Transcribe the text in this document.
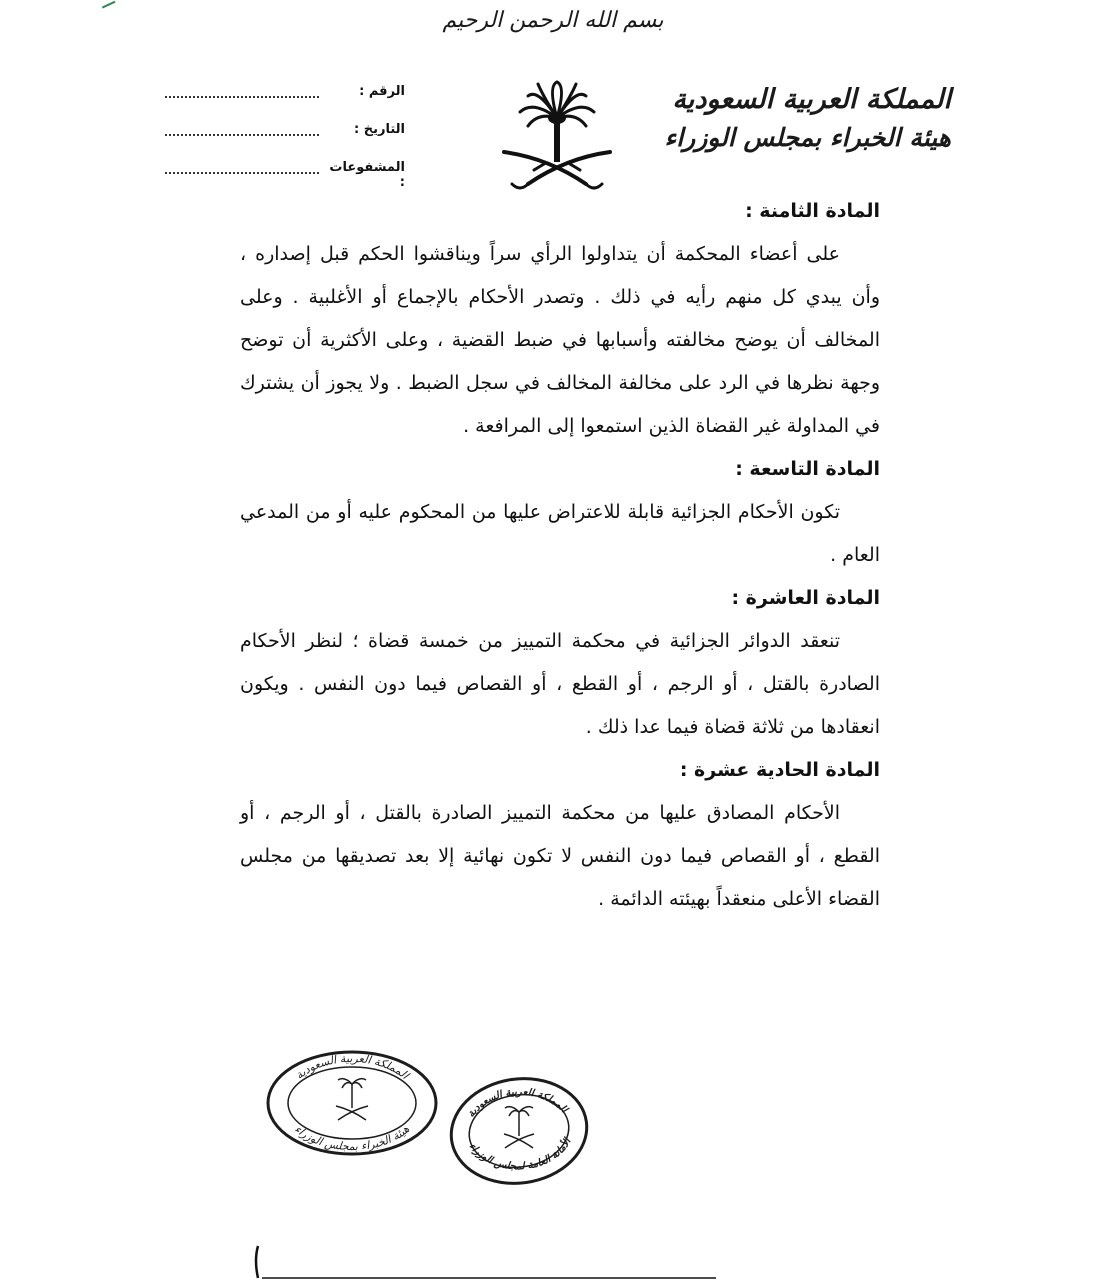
بسم الله الرحمن الرحيم
المملكة العربية السعودية
هيئة الخبراء بمجلس الوزراء
الرقم :
التاريخ :
المشفوعات :

المادة الثامنة :

على أعضاء المحكمة أن يتداولوا الرأي سراً ويناقشوا الحكم قبل إصداره ، وأن يبدي كل منهم رأيه في ذلك . وتصدر الأحكام بالإجماع أو الأغلبية . وعلى المخالف أن يوضح مخالفته وأسبابها في ضبط القضية ، وعلى الأكثرية أن توضح وجهة نظرها في الرد على مخالفة المخالف في سجل الضبط . ولا يجوز أن يشترك في المداولة غير القضاة الذين استمعوا إلى المرافعة .

المادة التاسعة :

تكون الأحكام الجزائية قابلة للاعتراض عليها من المحكوم عليه أو من المدعي العام .

المادة العاشرة :

تنعقد الدوائر الجزائية في محكمة التمييز من خمسة قضاة ؛ لنظر الأحكام الصادرة بالقتل ، أو الرجم ، أو القطع ، أو القصاص فيما دون النفس . ويكون انعقادها من ثلاثة قضاة فيما عدا ذلك .

المادة الحادية عشرة :

الأحكام المصادق عليها من محكمة التمييز الصادرة بالقتل ، أو الرجم ، أو القطع ، أو القصاص فيما دون النفس لا تكون نهائية إلا بعد تصديقها من مجلس القضاء الأعلى منعقداً بهيئته الدائمة .

المملكة العربية السعودية
هيئة الخبراء بمجلس الوزراء
المملكة العربية السعودية
الأمانة العامة لمجلس الوزراء
